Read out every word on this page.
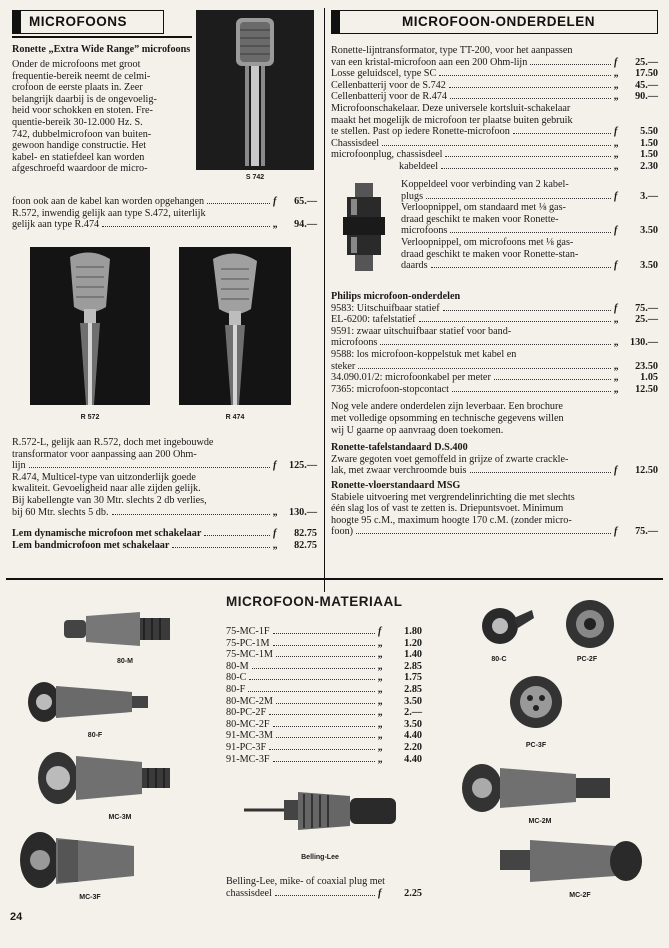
MICROFOONS	MICROFOON-ONDERDELEN
S 742
Ronette „Extra Wide Range” microfoons
Onder de microfoons met groot
frequentie-bereik neemt de celmi-
crofoon de eerste plaats in. Zeer
belangrijk daarbij is de ongevoelig-
heid voor schokken en stoten. Fre-
quentie-bereik 30-12.000 Hz. S.
742, dubbelmicrofoon van buiten-
gewoon handige constructie. Het
kabel- en statiefdeel kan worden
afgeschroefd waardoor de micro-
foon ook aan de kabel kan worden opgehangen	f	65.—
R.572, inwendig gelijk aan type S.472, uiterlijk
gelijk aan type R.474	„	94.—
R 572	R 474
R.572-L, gelijk aan R.572, doch met ingebouwde
transformator voor aanpassing aan 200 Ohm-
lijn	f	125.—
R.474, Multicel-type van uitzonderlijk goede
kwaliteit. Gevoeligheid naar alle zijden gelijk.
Bij kabellengte van 30 Mtr. slechts 2 db verlies,
bij 60 Mtr. slechts 5 db.	„	130.—
Lem dynamische microfoon met schakelaar	f	82.75
Lem bandmicrofoon met schakelaar	„	82.75
Ronette-lijntransformator, type TT-200, voor het aanpassen
van een kristal-microfoon aan een 200 Ohm-lijn	f	25.—
Losse geluidscel, type SC	„	17.50
Cellenbatterij voor de S.742	„	45.—
Cellenbatterij voor de R.474	„	90.—
Microfoonschakelaar. Deze universele kortsluit-schakelaar
maakt het mogelijk de microfoon ter plaatse buiten gebruik
te stellen. Past op iedere Ronette-microfoon	f	5.50
Chassisdeel	„	1.50
microfoonplug, chassisdeel	„	1.50
kabeldeel	„	2.30
Koppeldeel voor verbinding van 2 kabel-
plugs	f	3.—
Verloopnippel, om standaard met ⅛ gas-
draad geschikt te maken voor Ronette-
microfoons	f	3.50
Verloopnippel, om microfoons met ⅛ gas-
draad geschikt te maken voor Ronette-stan-
daards	f	3.50
Philips microfoon-onderdelen
9583: Uitschuifbaar statief	f	75.—
EL-6200: tafelstatief	„	25.—
9591: zwaar uitschuifbaar statief voor band-
microfoons	„	130.—
9588: los microfoon-koppelstuk met kabel en
steker	„	23.50
34.090.01/2: microfoonkabel per meter	„	1.05
7365: microfoon-stopcontact	„	12.50
Nog vele andere onderdelen zijn leverbaar. Een brochure
met volledige opsomming en technische gegevens willen
wij U gaarne op aanvraag doen toekomen.
Ronette-tafelstandaard D.S.400
Zware gegoten voet gemoffeld in grijze of zwarte crackle-
lak, met zwaar verchroomde buis	f	12.50
Ronette-vloerstandaard MSG
Stabiele uitvoering met vergrendelinrichting die met slechts
één slag los of vast te zetten is. Driepuntsvoet. Minimum
hoogte 95 c.M., maximum hoogte 170 c.M. (zonder micro-
foon)	f	75.—
MICROFOON-MATERIAAL
75-MC-1F	f	1.80
75-PC-1M	„	1.20
75-MC-1M	„	1.40
80-M	„	2.85
80-C	„	1.75
80-F	„	2.85
80-MC-2M	„	3.50
80-PC-2F	„	2.—
80-MC-2F	„	3.50
91-MC-3M	„	4.40
91-PC-3F	„	2.20
91-MC-3F	„	4.40
80-M
80-F
MC-3M
MC-3F
Belling-Lee
Belling-Lee, mike- of coaxial plug met
chassisdeel	f	2.25
80-C	PC-2F
PC-3F
MC-2M
MC-2F
24
